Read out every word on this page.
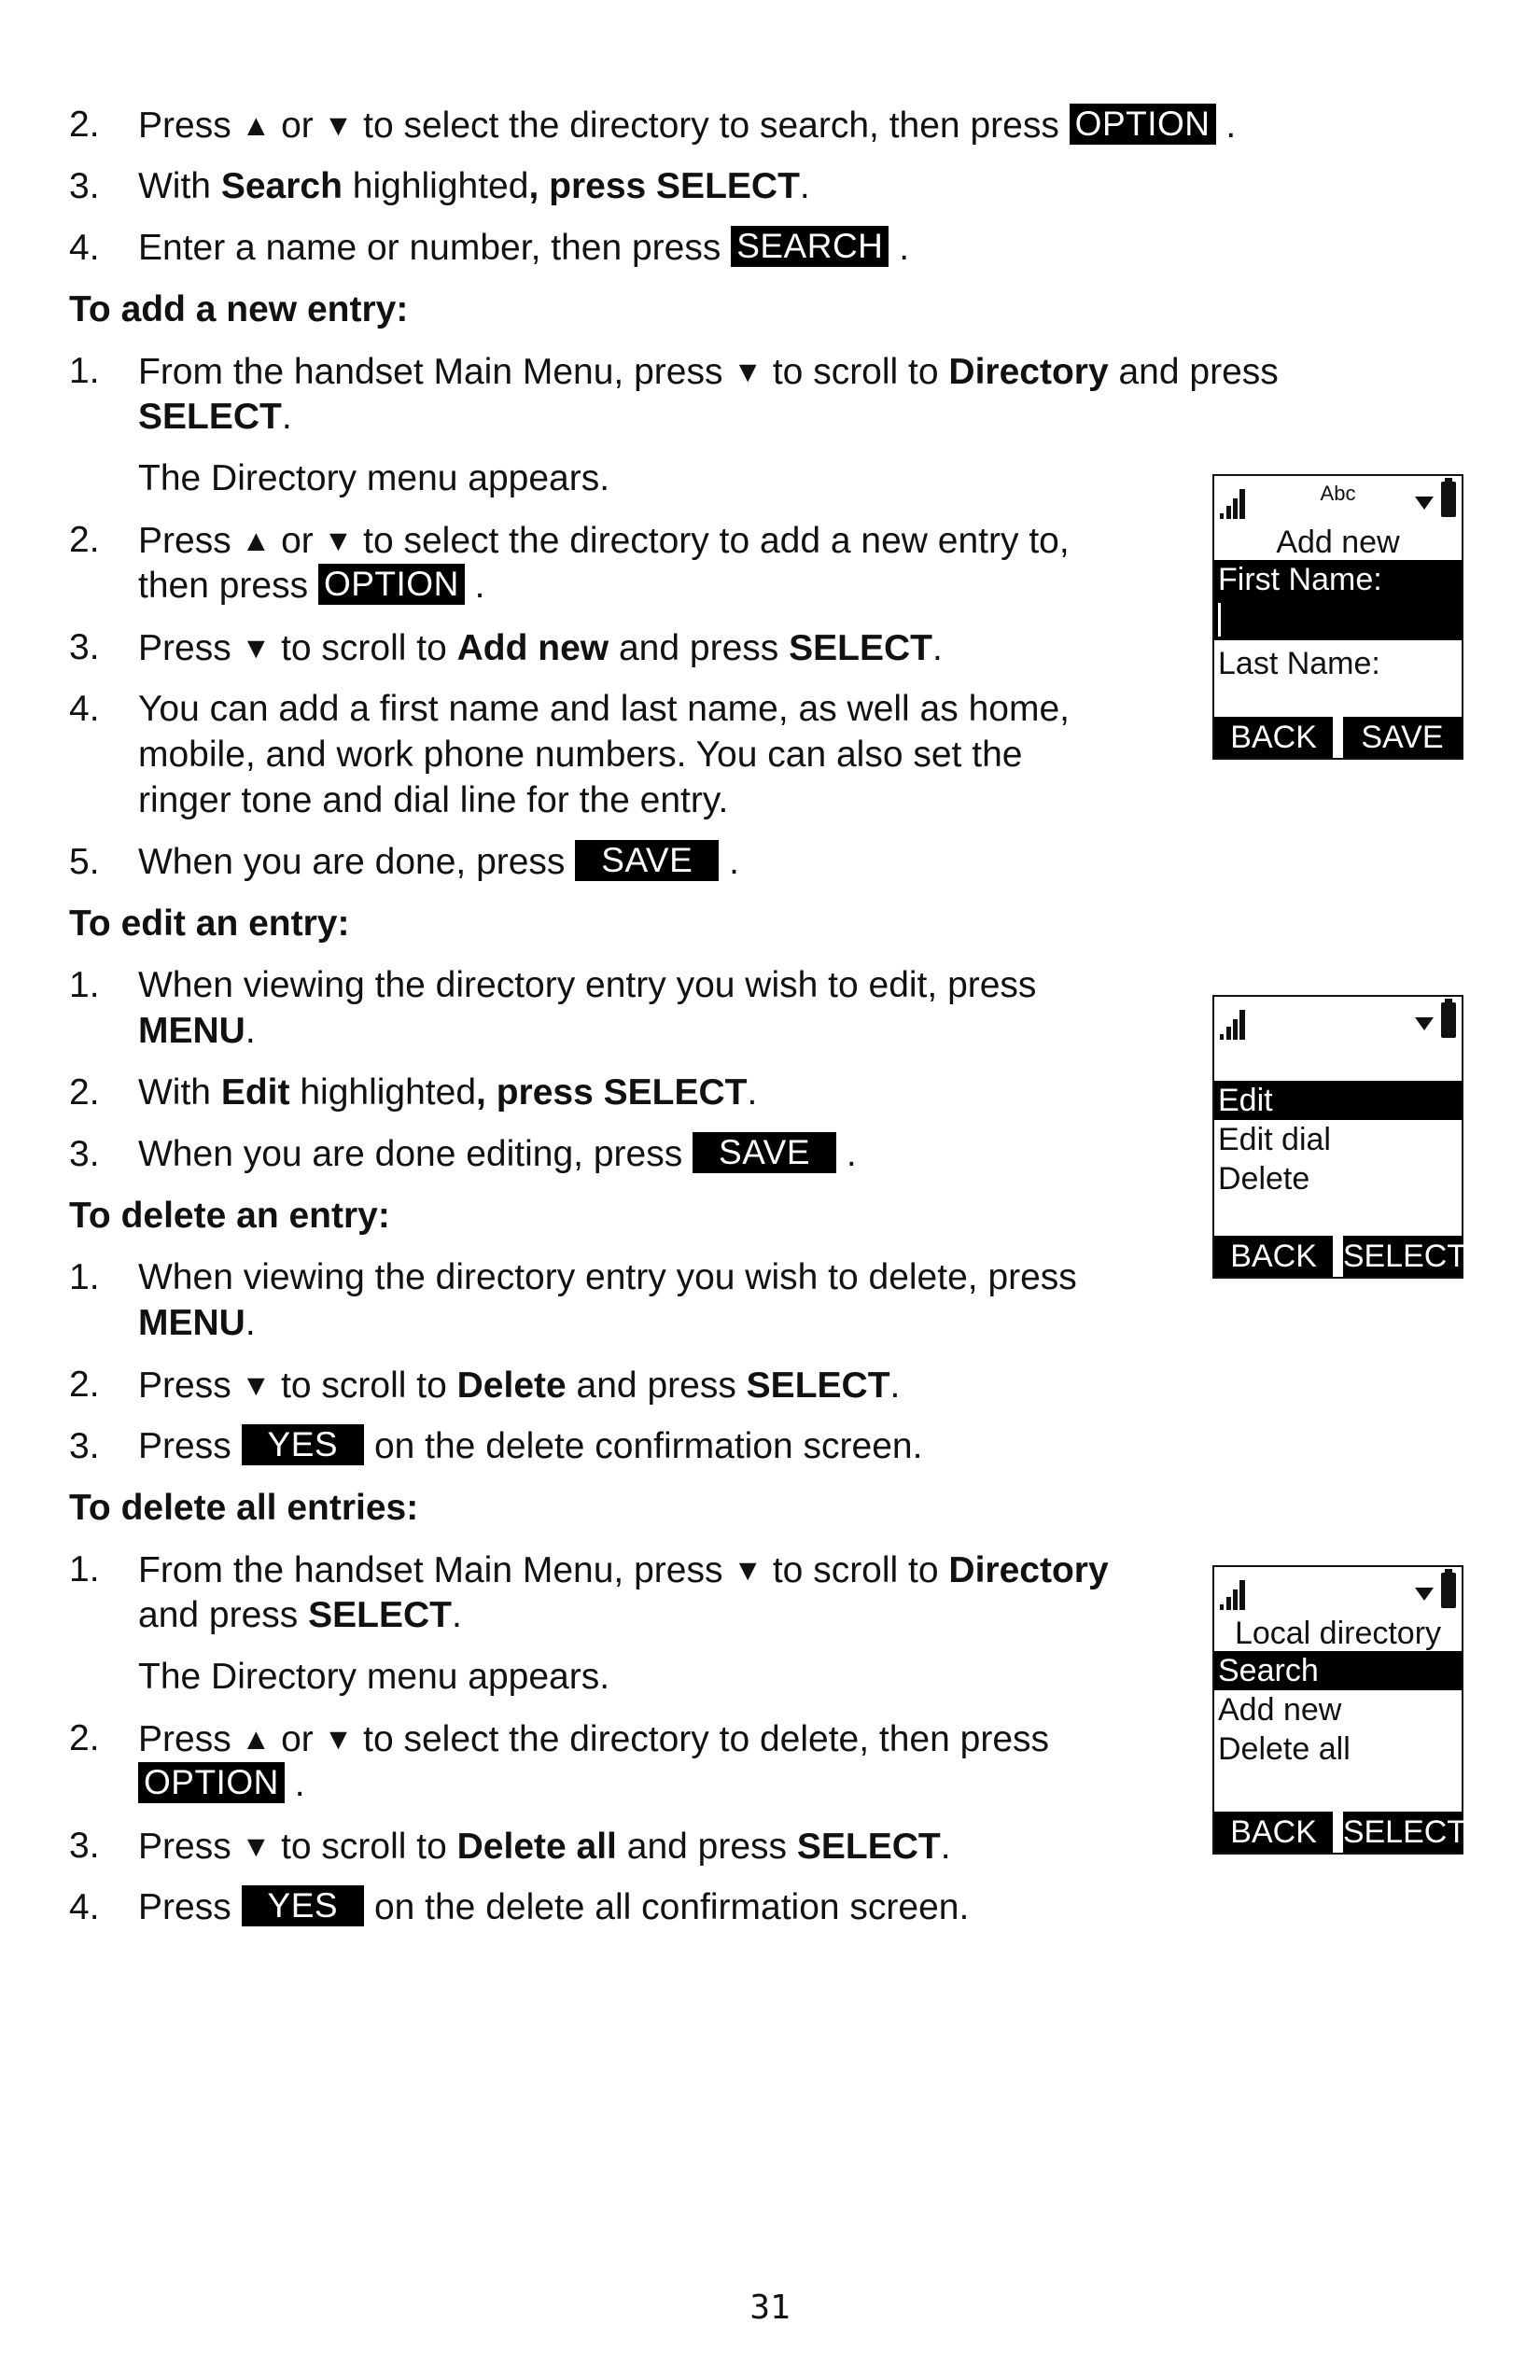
2.	Press ▲ or ▼ to select the directory to search, then press OPTION .
3.	With Search highlighted, press SELECT.
4.	Enter a name or number, then press SEARCH .
To add a new entry:
1.	From the handset Main Menu, press ▼ to scroll to Directory and press
SELECT.
The Directory menu appears.
2.	Press ▲ or ▼ to select the directory to add a new entry to,
then press OPTION .
3.	Press ▼ to scroll to Add new and press SELECT.
4.	You can add a first name and last name, as well as home,
mobile, and work phone numbers. You can also set the
ringer tone and dial line for the entry.
5.	When you are done, press SAVE .
To edit an entry:
1.	When viewing the directory entry you wish to edit, press
MENU.
2.	With Edit highlighted, press SELECT.
3.	When you are done editing, press SAVE .
To delete an entry:
1.	When viewing the directory entry you wish to delete, press
MENU.
2.	Press ▼ to scroll to Delete and press SELECT.
3.	Press YES on the delete confirmation screen.
To delete all entries:
1.	From the handset Main Menu, press ▼ to scroll to Directory
and press SELECT.
The Directory menu appears.
2.	Press ▲ or ▼ to select the directory to delete, then press
OPTION .
3.	Press ▼ to scroll to Delete all and press SELECT.
4.	Press YES on the delete all confirmation screen.
Abc
Add new
First Name:
Last Name:
BACK	SAVE
Edit
Edit dial
Delete
BACK SELECT
Local directory
Search
Add new
Delete all
BACK SELECT
31
